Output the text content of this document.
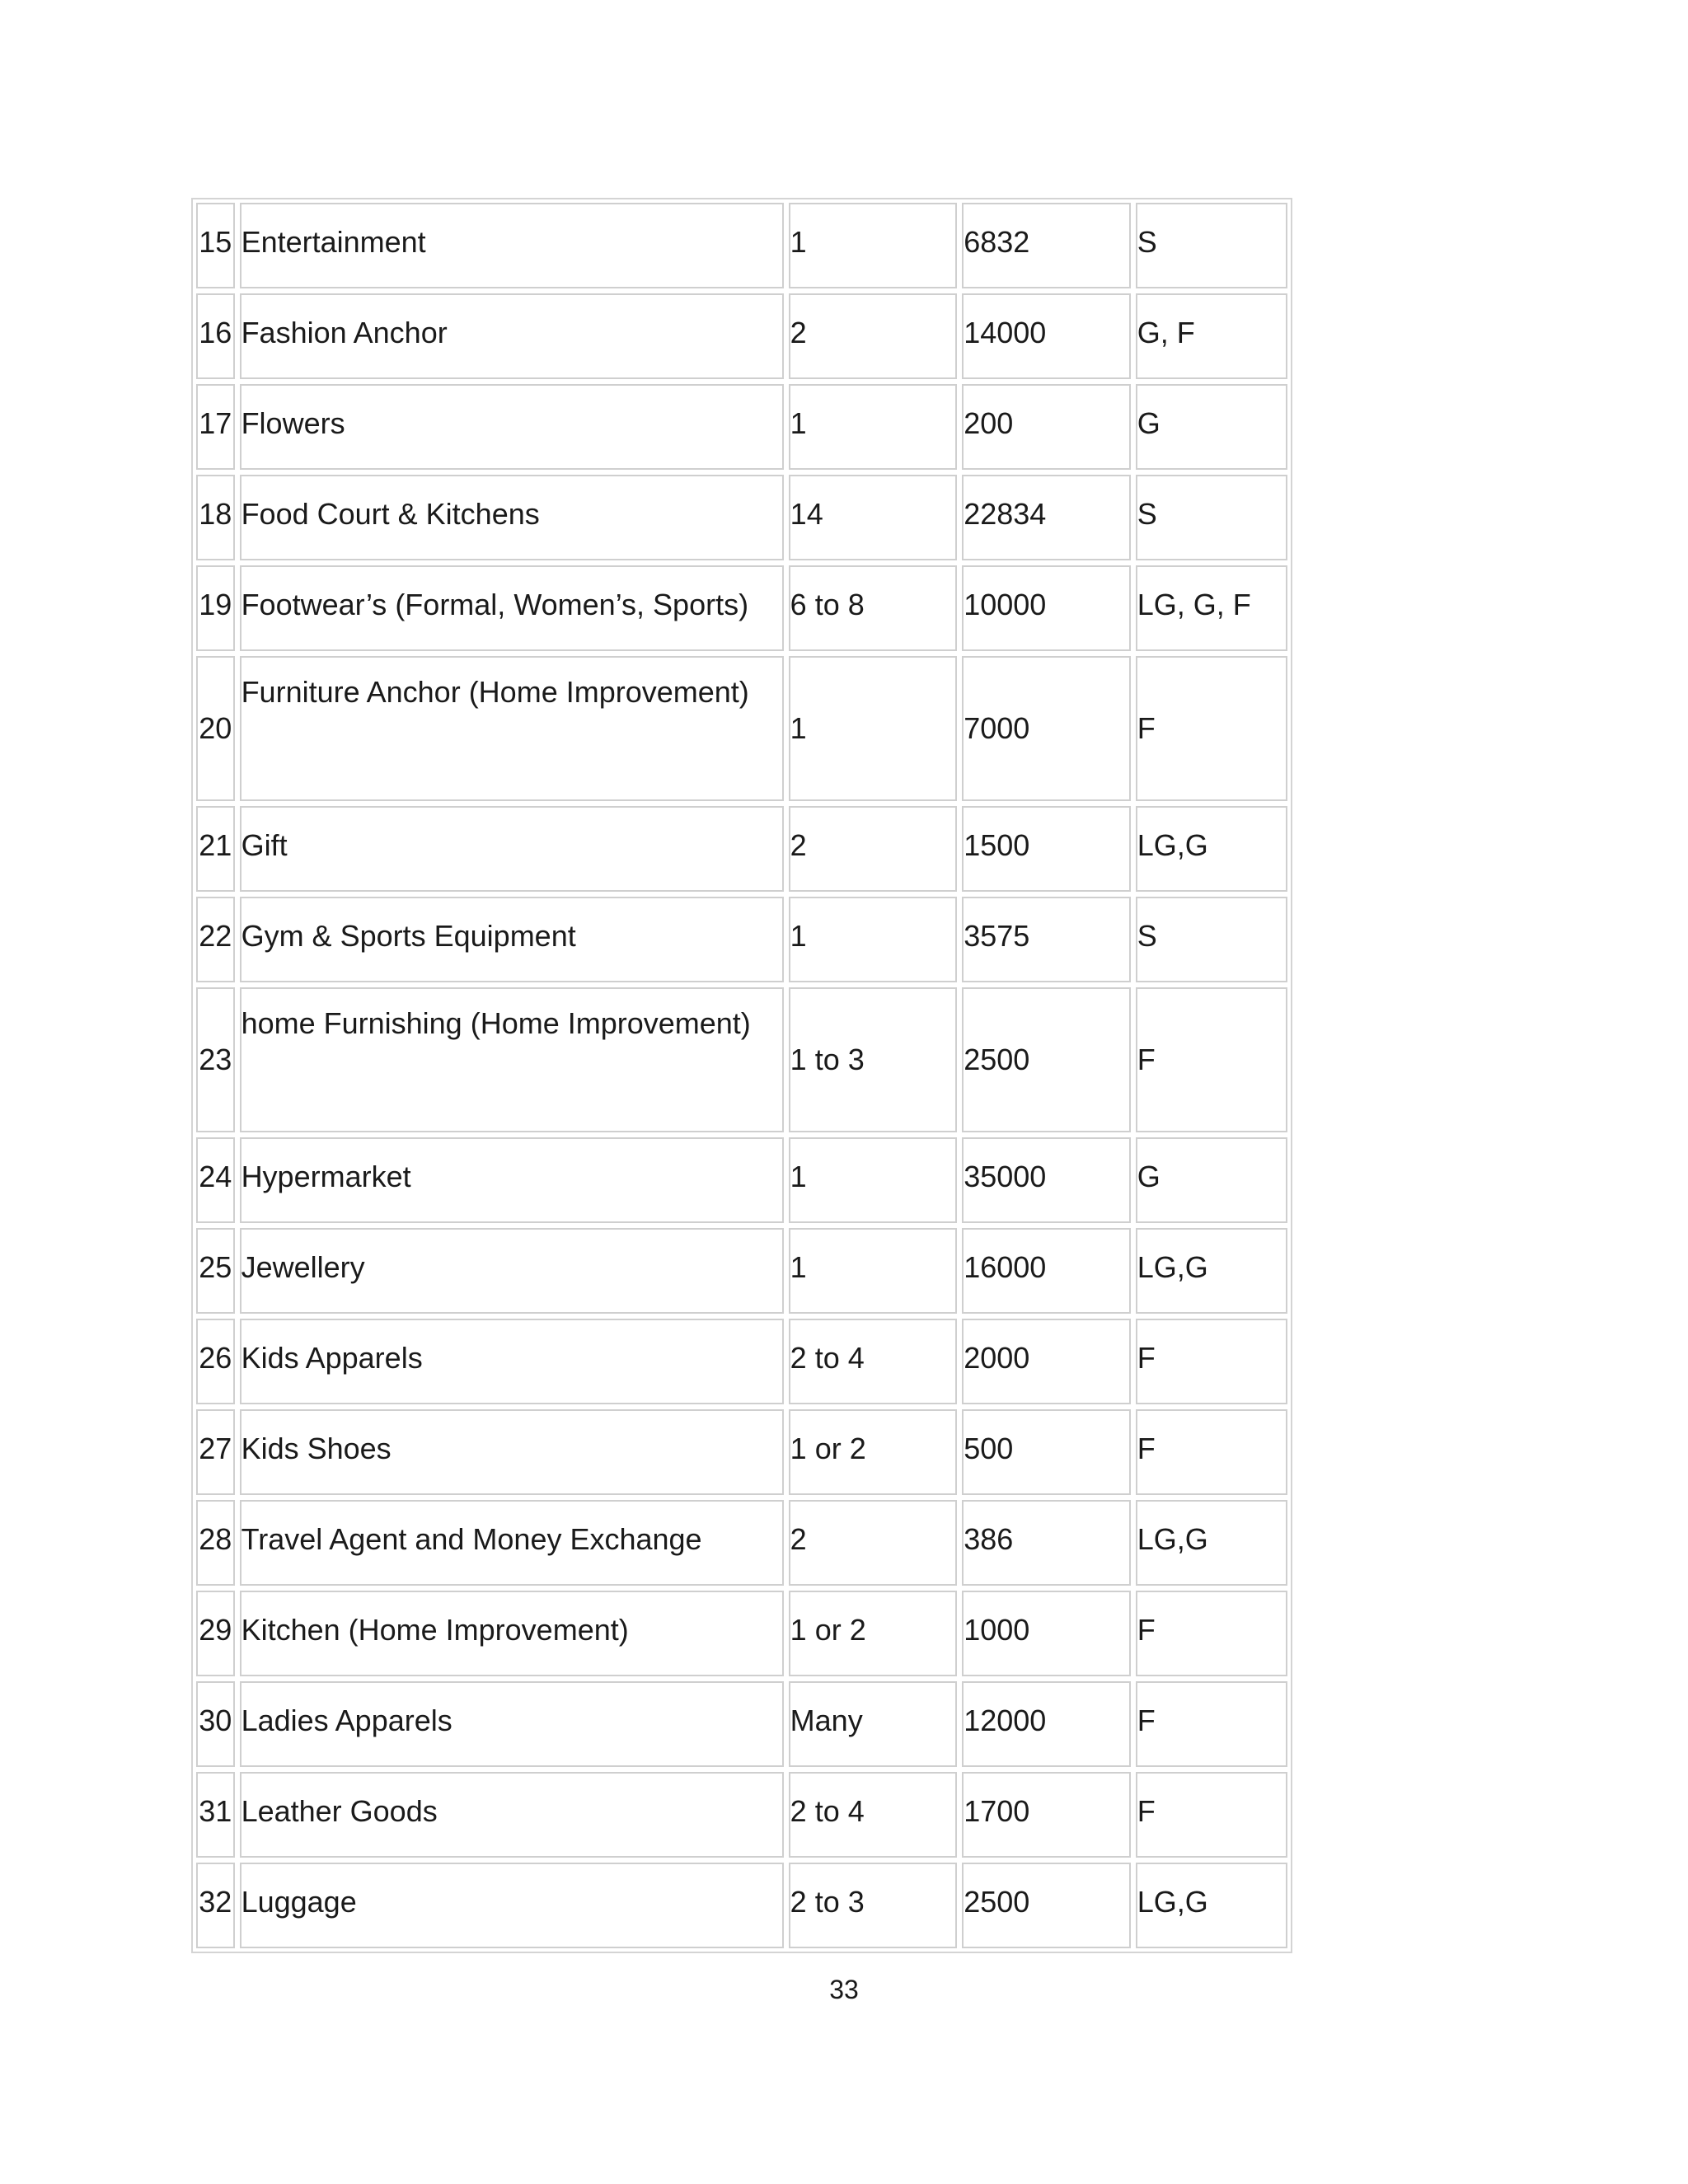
15	Entertainment	1	6832	S
16	Fashion Anchor	2	14000	G, F
17	Flowers	1	200	G
18	Food Court & Kitchens	14	22834	S
19	Footwear’s (Formal, Women’s, Sports)	6 to 8	10000	LG, G, F
20	Furniture Anchor (Home Improvement)	1	7000	F
21	Gift	2	1500	LG,G
22	Gym & Sports Equipment	1	3575	S
23	home Furnishing (Home Improvement)	1 to 3	2500	F
24	Hypermarket	1	35000	G
25	Jewellery	1	16000	LG,G
26	Kids Apparels	2 to 4	2000	F
27	Kids Shoes	1 or 2	500	F
28	Travel Agent and Money Exchange	2	386	LG,G
29	Kitchen (Home Improvement)	1 or 2	1000	F
30	Ladies Apparels	Many	12000	F
31	Leather Goods	2 to 4	1700	F
32	Luggage	2 to 3	2500	LG,G
33
